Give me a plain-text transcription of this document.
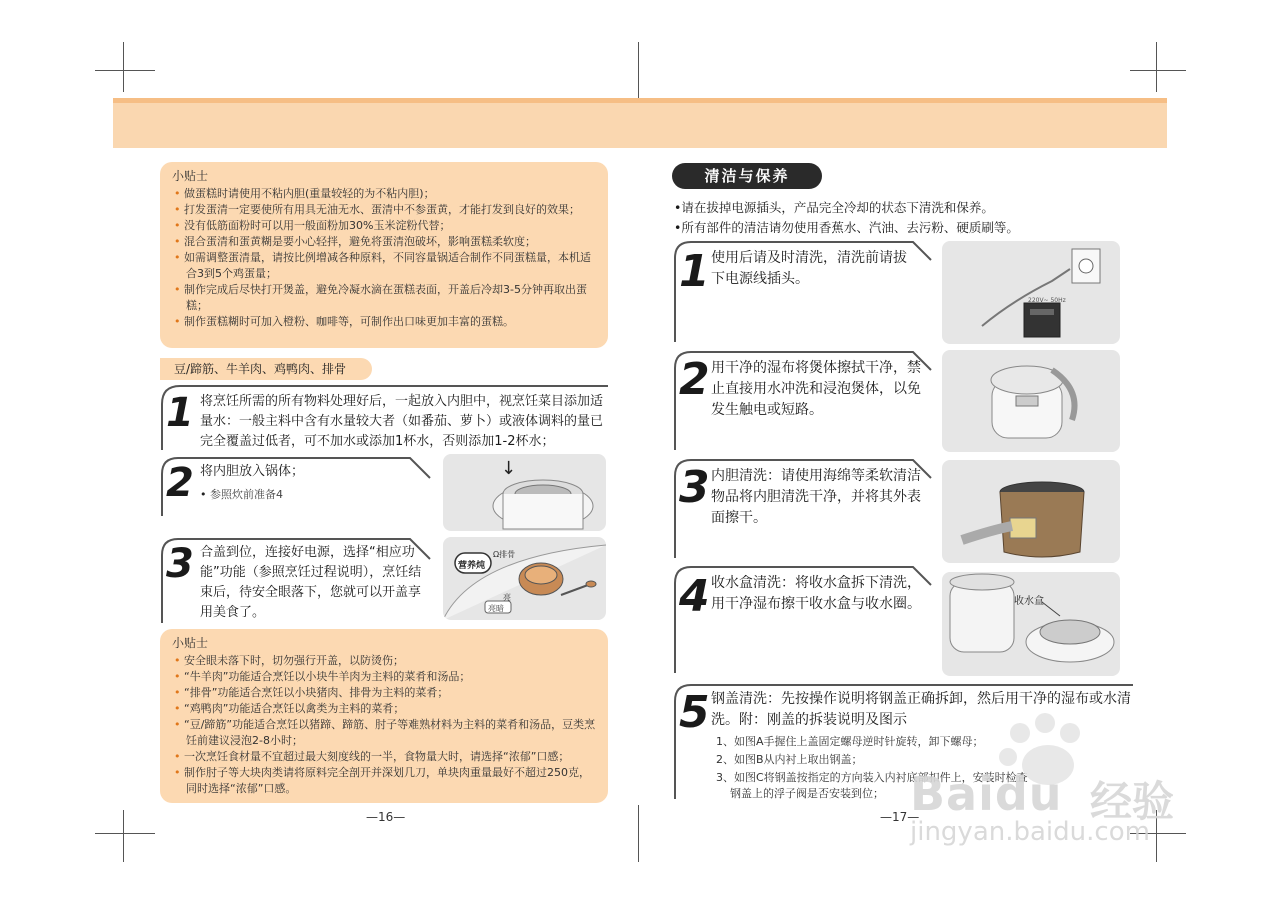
小贴士
• 做蛋糕时请使用不粘内胆(重量较轻的为不粘内胆)；
• 打发蛋清一定要使所有用具无油无水、蛋清中不参蛋黄，才能打发到良好的效果；
• 没有低筋面粉时可以用一般面粉加30%玉米淀粉代替；
• 混合蛋清和蛋黄糊是要小心轻拌，避免将蛋清泡破坏，影响蛋糕柔软度；
• 如需调整蛋清量，请按比例增减各种原料，不同容量锅适合制作不同蛋糕量，本机适合3到5个鸡蛋量；
• 制作完成后尽快打开煲盖，避免冷凝水滴在蛋糕表面，开盖后冷却3-5分钟再取出蛋糕；
• 制作蛋糕糊时可加入橙粉、咖啡等，可制作出口味更加丰富的蛋糕。
豆/蹄筋、牛羊肉、鸡鸭肉、排骨
1 将烹饪所需的所有物料处理好后，一起放入内胆中，视烹饪菜目添加适量水：一般主料中含有水量较大者（如番茄、萝卜）或液体调料的量已完全覆盖过低者，可不加水或添加1杯水，否则添加1-2杯水；
2 将内胆放入锅体；
• 参照炊前准备4
↓
3 合盖到位，连接好电源，选择“相应功能”功能（参照烹饪过程说明），烹饪结束后，待安全眼落下，您就可以开盖享用美食了。
营养炖
Ω排骨
亮
亮暗
小贴士
• 安全眼未落下时，切勿强行开盖，以防烫伤；
• “牛羊肉”功能适合烹饪以小块牛羊肉为主料的菜肴和汤品；
• “排骨”功能适合烹饪以小块猪肉、排骨为主料的菜肴；
• “鸡鸭肉”功能适合烹饪以禽类为主料的菜肴；
• “豆/蹄筋”功能适合烹饪以猪蹄、蹄筋、肘子等难熟材料为主料的菜肴和汤品，豆类烹饪前建议浸泡2-8小时；
• 一次烹饪食材量不宜超过最大刻度线的一半，食物量大时，请选择“浓郁”口感；
• 制作肘子等大块肉类请将原料完全剖开并深划几刀，单块肉重量最好不超过250克，同时选择“浓郁”口感。
—16—
清洁与保养
•请在拔掉电源插头，产品完全冷却的状态下清洗和保养。
•所有部件的清洁请勿使用香蕉水、汽油、去污粉、硬质刷等。
1 使用后请及时清洗，清洗前请拔下电源线插头。
220V~ 50Hz
2 用干净的湿布将煲体擦拭干净，禁止直接用水冲洗和浸泡煲体，以免发生触电或短路。
3 内胆清洗：请使用海绵等柔软清洁物品将内胆清洗干净，并将其外表面擦干。
4 收水盒清洗：将收水盒拆下清洗，用干净湿布擦干收水盒与收水圈。	收水盒
5 钢盖清洗：先按操作说明将钢盖正确拆卸，然后用干净的湿布或水清洗。附：刚盖的拆装说明及图示
1、如图A手握住上盖固定螺母逆时针旋转，卸下螺母；
2、如图B从内衬上取出钢盖；
3、如图C将钢盖按指定的方向装入内衬底部扣件上，安装时检查
钢盖上的浮子阀是否安装到位；
—17—
Baidu 经验
jingyan.baidu.com
